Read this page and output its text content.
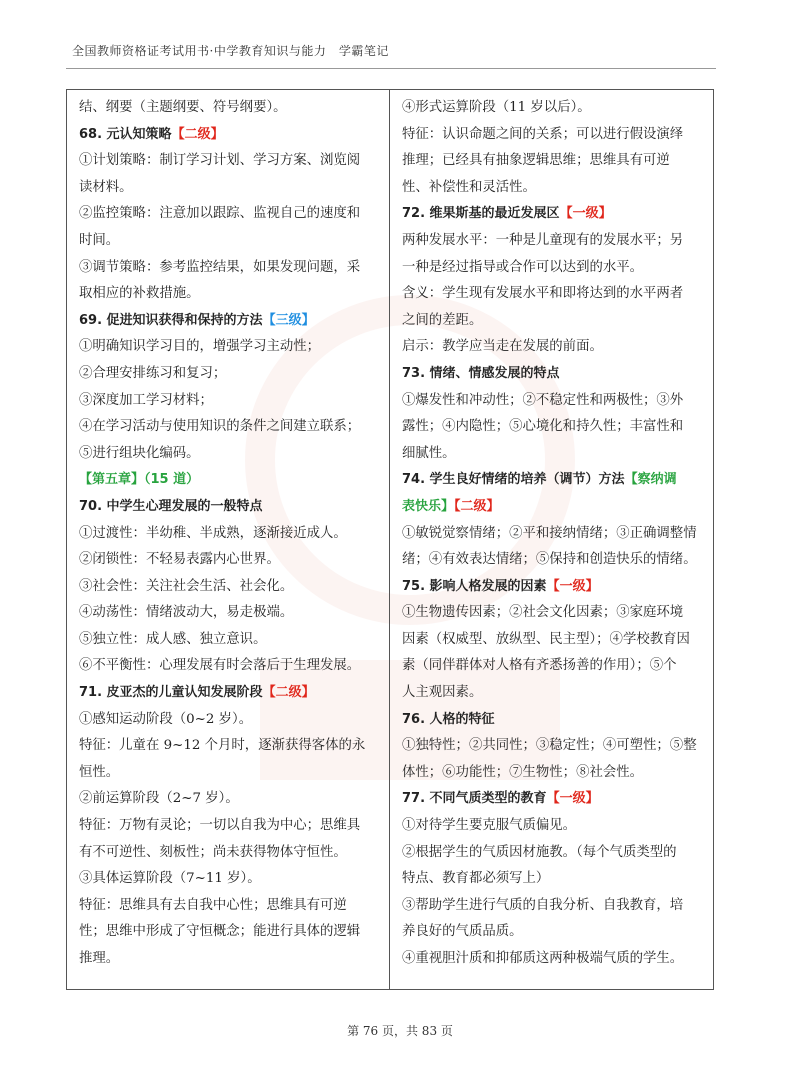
全国教师资格证考试用书·中学教育知识与能力　学霸笔记
结、纲要（主题纲要、符号纲要）。
68. 元认知策略【二级】
①计划策略：制订学习计划、学习方案、浏览阅
读材料。
②监控策略：注意加以跟踪、监视自己的速度和
时间。
③调节策略：参考监控结果，如果发现问题，采
取相应的补救措施。
69. 促进知识获得和保持的方法【三级】
①明确知识学习目的，增强学习主动性；
②合理安排练习和复习；
③深度加工学习材料；
④在学习活动与使用知识的条件之间建立联系；
⑤进行组块化编码。
【第五章】（15 道）
70. 中学生心理发展的一般特点
①过渡性：半幼稚、半成熟，逐渐接近成人。
②闭锁性：不轻易表露内心世界。
③社会性：关注社会生活、社会化。
④动荡性：情绪波动大，易走极端。
⑤独立性：成人感、独立意识。
⑥不平衡性：心理发展有时会落后于生理发展。
71. 皮亚杰的儿童认知发展阶段【二级】
①感知运动阶段（0~2 岁）。
特征：儿童在 9~12 个月时，逐渐获得客体的永
恒性。
②前运算阶段（2~7 岁）。
特征：万物有灵论；一切以自我为中心；思维具
有不可逆性、刻板性；尚未获得物体守恒性。
③具体运算阶段（7~11 岁）。
特征：思维具有去自我中心性；思维具有可逆
性；思维中形成了守恒概念；能进行具体的逻辑
推理。
④形式运算阶段（11 岁以后）。
特征：认识命题之间的关系；可以进行假设演绎
推理；已经具有抽象逻辑思维；思维具有可逆
性、补偿性和灵活性。
72. 维果斯基的最近发展区【一级】
两种发展水平：一种是儿童现有的发展水平；另
一种是经过指导或合作可以达到的水平。
含义：学生现有发展水平和即将达到的水平两者
之间的差距。
启示：教学应当走在发展的前面。
73. 情绪、情感发展的特点
①爆发性和冲动性；②不稳定性和两极性；③外
露性；④内隐性；⑤心境化和持久性；丰富性和
细腻性。
74. 学生良好情绪的培养（调节）方法【察纳调
表快乐】【二级】
①敏锐觉察情绪；②平和接纳情绪；③正确调整情
绪；④有效表达情绪；⑤保持和创造快乐的情绪。
75. 影响人格发展的因素【一级】
①生物遗传因素；②社会文化因素；③家庭环境
因素（权威型、放纵型、民主型）；④学校教育因
素（同伴群体对人格有齐悉扬善的作用）；⑤个
人主观因素。
76. 人格的特征
①独特性；②共同性；③稳定性；④可塑性；⑤整
体性；⑥功能性；⑦生物性；⑧社会性。
77. 不同气质类型的教育【一级】
①对待学生要克服气质偏见。
②根据学生的气质因材施教。（每个气质类型的
特点、教育都必须写上）
③帮助学生进行气质的自我分析、自我教育，培
养良好的气质品质。
④重视胆汁质和抑郁质这两种极端气质的学生。
第 76 页，共 83 页
